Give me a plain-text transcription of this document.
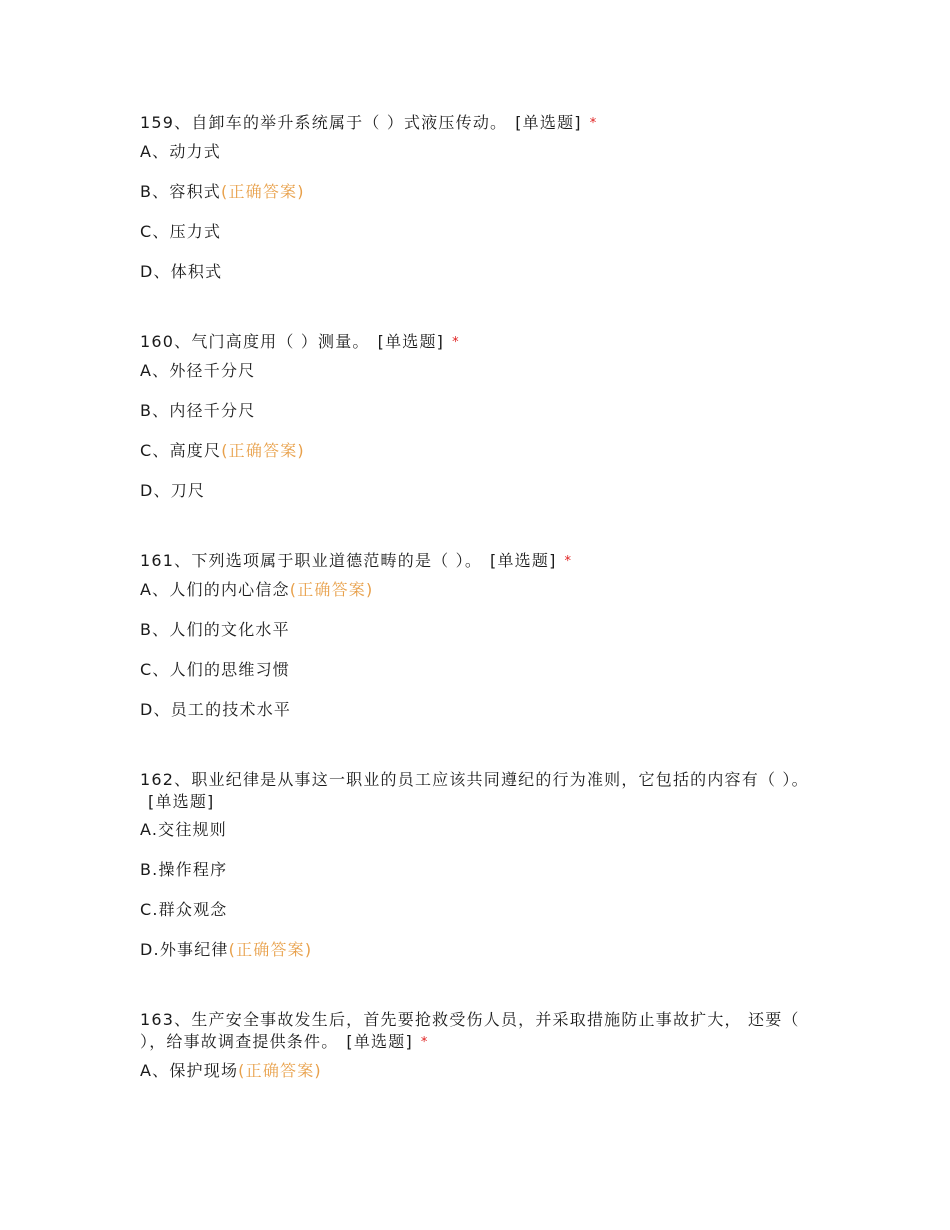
159、自卸车的举升系统属于（ ）式液压传动。 [单选题] *
A、动力式
B、容积式(正确答案)
C、压力式
D、体积式
160、气门高度用（ ）测量。 [单选题] *
A、外径千分尺
B、内径千分尺
C、高度尺(正确答案)
D、刀尺
161、下列选项属于职业道德范畴的是（ ）。 [单选题] *
A、人们的内心信念(正确答案)
B、人们的文化水平
C、人们的思维习惯
D、员工的技术水平
162、职业纪律是从事这一职业的员工应该共同遵纪的行为准则，它包括的内容有（ ）。[单选题]
A.交往规则
B.操作程序
C.群众观念
D.外事纪律(正确答案)
163、生产安全事故发生后，首先要抢救受伤人员，并采取措施防止事故扩大， 还要（ ），给事故调查提供条件。 [单选题] *
A、保护现场(正确答案)
